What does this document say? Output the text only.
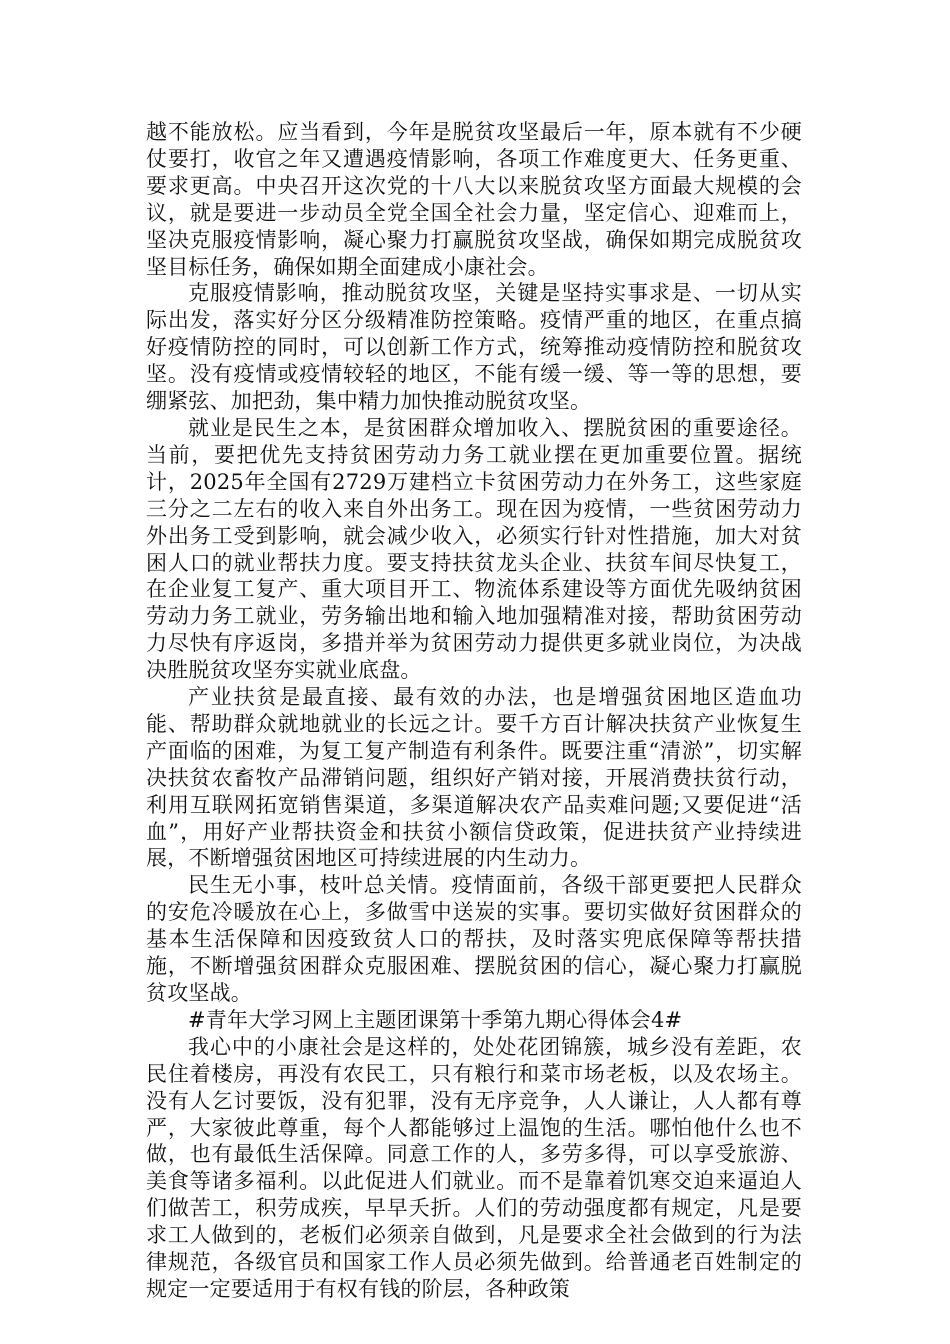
越不能放松。应当看到，今年是脱贫攻坚最后一年，原本就有不少硬仗要打，收官之年又遭遇疫情影响，各项工作难度更大、任务更重、要求更高。中央召开这次党的十八大以来脱贫攻坚方面最大规模的会议，就是要进一步动员全党全国全社会力量，坚定信心、迎难而上，坚决克服疫情影响，凝心聚力打赢脱贫攻坚战，确保如期完成脱贫攻坚目标任务，确保如期全面建成小康社会。

克服疫情影响，推动脱贫攻坚，关键是坚持实事求是、一切从实际出发，落实好分区分级精准防控策略。疫情严重的地区，在重点搞好疫情防控的同时，可以创新工作方式，统筹推动疫情防控和脱贫攻坚。没有疫情或疫情较轻的地区，不能有缓一缓、等一等的思想，要绷紧弦、加把劲，集中精力加快推动脱贫攻坚。

就业是民生之本，是贫困群众增加收入、摆脱贫困的重要途径。当前，要把优先支持贫困劳动力务工就业摆在更加重要位置。据统计，2025年全国有2729万建档立卡贫困劳动力在外务工，这些家庭三分之二左右的收入来自外出务工。现在因为疫情，一些贫困劳动力外出务工受到影响，就会减少收入，必须实行针对性措施，加大对贫困人口的就业帮扶力度。要支持扶贫龙头企业、扶贫车间尽快复工，在企业复工复产、重大项目开工、物流体系建设等方面优先吸纳贫困劳动力务工就业，劳务输出地和输入地加强精准对接，帮助贫困劳动力尽快有序返岗，多措并举为贫困劳动力提供更多就业岗位，为决战决胜脱贫攻坚夯实就业底盘。

产业扶贫是最直接、最有效的办法，也是增强贫困地区造血功能、帮助群众就地就业的长远之计。要千方百计解决扶贫产业恢复生产面临的困难，为复工复产制造有利条件。既要注重“清淤”，切实解决扶贫农畜牧产品滞销问题，组织好产销对接，开展消费扶贫行动，利用互联网拓宽销售渠道，多渠道解决农产品卖难问题;又要促进“活血”，用好产业帮扶资金和扶贫小额信贷政策，促进扶贫产业持续进展，不断增强贫困地区可持续进展的内生动力。

民生无小事，枝叶总关情。疫情面前，各级干部更要把人民群众的安危冷暖放在心上，多做雪中送炭的实事。要切实做好贫困群众的基本生活保障和因疫致贫人口的帮扶，及时落实兜底保障等帮扶措施，不断增强贫困群众克服困难、摆脱贫困的信心，凝心聚力打赢脱贫攻坚战。

#青年大学习网上主题团课第十季第九期心得体会4#

我心中的小康社会是这样的，处处花团锦簇，城乡没有差距，农民住着楼房，再没有农民工，只有粮行和菜市场老板，以及农场主。没有人乞讨要饭，没有犯罪，没有无序竞争，人人谦让，人人都有尊严，大家彼此尊重，每个人都能够过上温饱的生活。哪怕他什么也不做，也有最低生活保障。同意工作的人，多劳多得，可以享受旅游、美食等诸多福利。以此促进人们就业。而不是靠着饥寒交迫来逼迫人们做苦工，积劳成疾，早早夭折。人们的劳动强度都有规定，凡是要求工人做到的，老板们必须亲自做到，凡是要求全社会做到的行为法律规范，各级官员和国家工作人员必须先做到。给普通老百姓制定的规定一定要适用于有权有钱的阶层，各种政策
